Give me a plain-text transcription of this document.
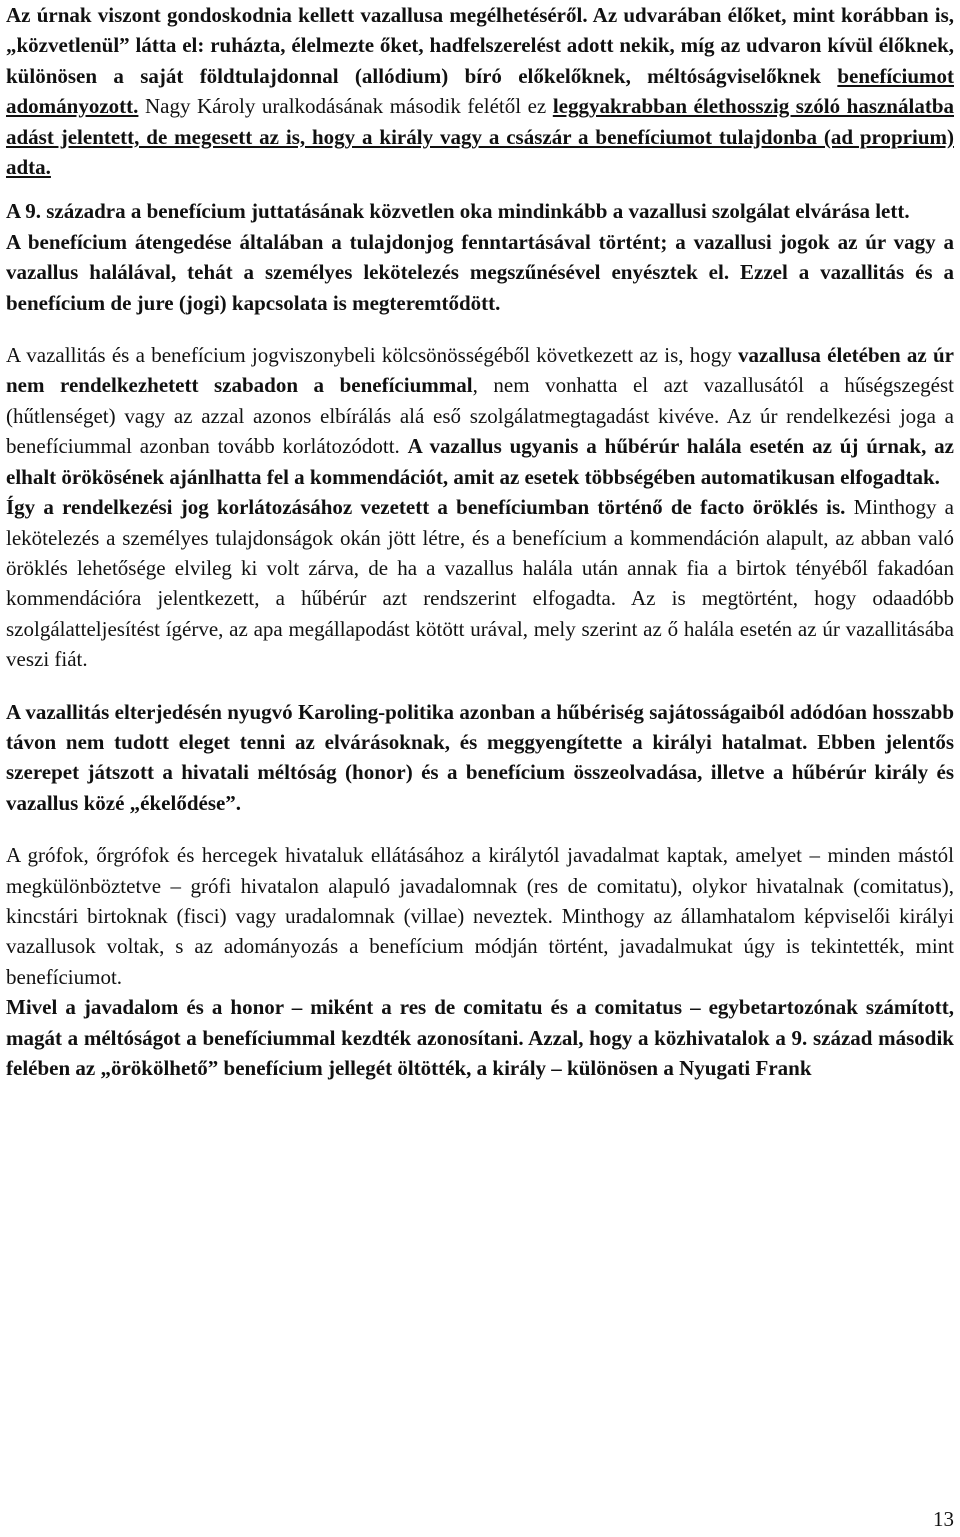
Az úrnak viszont gondoskodnia kellett vazallusa megélhetéséről. Az udvarában élőket, mint korábban is, „közvetlenül” látta el: ruházta, élelmezte őket, hadfelszerelést adott nekik, míg az udvaron kívül élőknek, különösen a saját földtulajdonnal (allódium) bíró előkelőknek, méltóságviselőknek benefíciumot adományozott. Nagy Károly uralkodásának második felétől ez leggyakrabban élethosszig szóló használatba adást jelentett, de megesett az is, hogy a király vagy a császár a benefíciumot tulajdonba (ad proprium) adta.

A 9. századra a benefícium juttatásának közvetlen oka mindinkább a vazallusi szolgálat elvárása lett.

A benefícium átengedése általában a tulajdonjog fenntartásával történt; a vazallusi jogok az úr vagy a vazallus halálával, tehát a személyes lekötelezés megszűnésével enyésztek el. Ezzel a vazallitás és a benefícium de jure (jogi) kapcsolata is megteremtődött.

A vazallitás és a benefícium jogviszonybeli kölcsönösségéből következett az is, hogy vazallusa életében az úr nem rendelkezhetett szabadon a benefíciummal, nem vonhatta el azt vazallusától a hűségszegést (hűtlenséget) vagy az azzal azonos elbírálás alá eső szolgálatmegtagadást kivéve. Az úr rendelkezési joga a benefíciummal azonban tovább korlátozódott. A vazallus ugyanis a hűbérúr halála esetén az új úrnak, az elhalt örökösének ajánlhatta fel a kommendációt, amit az esetek többségében automatikusan elfogadtak.

Így a rendelkezési jog korlátozásához vezetett a benefíciumban történő de facto öröklés is. Minthogy a lekötelezés a személyes tulajdonságok okán jött létre, és a benefícium a kommendáción alapult, az abban való öröklés lehetősége elvileg ki volt zárva, de ha a vazallus halála után annak fia a birtok tényéből fakadóan kommendációra jelentkezett, a hűbérúr azt rendszerint elfogadta. Az is megtörtént, hogy odaadóbb szolgálatteljesítést ígérve, az apa megállapodást kötött urával, mely szerint az ő halála esetén az úr vazallitásába veszi fiát.

A vazallitás elterjedésén nyugvó Karoling-politika azonban a hűbériség sajátosságaiból adódóan hosszabb távon nem tudott eleget tenni az elvárásoknak, és meggyengítette a királyi hatalmat. Ebben jelentős szerepet játszott a hivatali méltóság (honor) és a benefícium összeolvadása, illetve a hűbérúr király és vazallus közé „ékelődése”.

A grófok, őrgrófok és hercegek hivataluk ellátásához a királytól javadalmat kaptak, amelyet – minden mástól megkülönböztetve – grófi hivatalon alapuló javadalomnak (res de comitatu), olykor hivatalnak (comitatus), kincstári birtoknak (fisci) vagy uradalomnak (villae) neveztek. Minthogy az államhatalom képviselői királyi vazallusok voltak, s az adományozás a benefícium módján történt, javadalmukat úgy is tekintették, mint benefíciumot.

Mivel a javadalom és a honor – miként a res de comitatu és a comitatus – egybetartozónak számított, magát a méltóságot a benefíciummal kezdték azonosítani. Azzal, hogy a közhivatalok a 9. század második felében az „örökölhető” benefícium jellegét öltötték, a király – különösen a Nyugati Frank

13
